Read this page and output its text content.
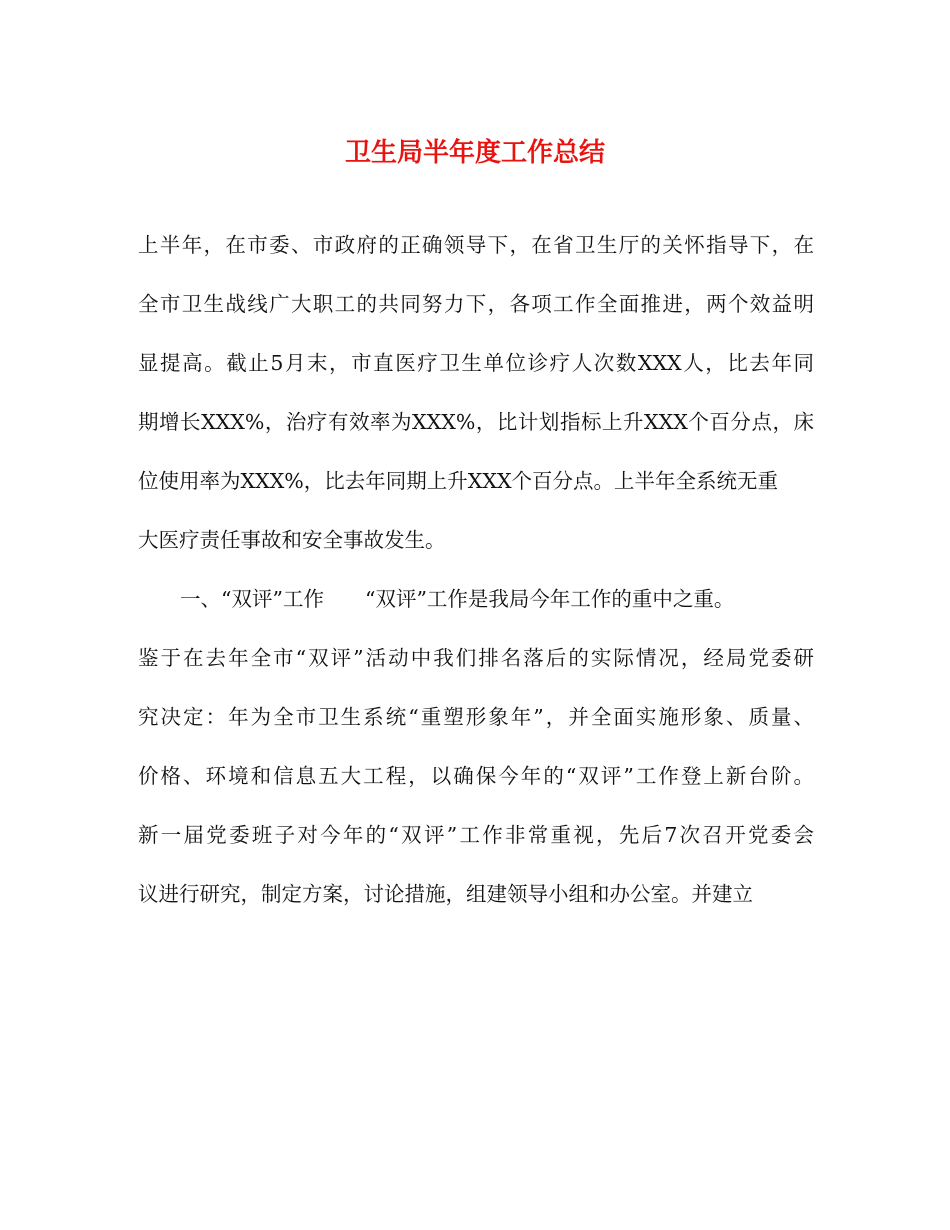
卫生局半年度工作总结
上半年，在市委、市政府的正确领导下，在省卫生厅的关怀指导下，在
全市卫生战线广大职工的共同努力下，各项工作全面推进，两个效益明
显提高。截止5月末，市直医疗卫生单位诊疗人次数XXX人，比去年同
期增长XXX%，治疗有效率为XXX%，比计划指标上升XXX个百分点，床
位使用率为XXX%，比去年同期上升XXX个百分点。上半年全系统无重
大医疗责任事故和安全事故发生。
一、“双评”工作　　“双评”工作是我局今年工作的重中之重。
鉴于在去年全市“双评”活动中我们排名落后的实际情况，经局党委研
究决定：年为全市卫生系统“重塑形象年”，并全面实施形象、质量、
价格、环境和信息五大工程，以确保今年的“双评”工作登上新台阶。
新一届党委班子对今年的“双评”工作非常重视，先后7次召开党委会
议进行研究，制定方案，讨论措施，组建领导小组和办公室。并建立
